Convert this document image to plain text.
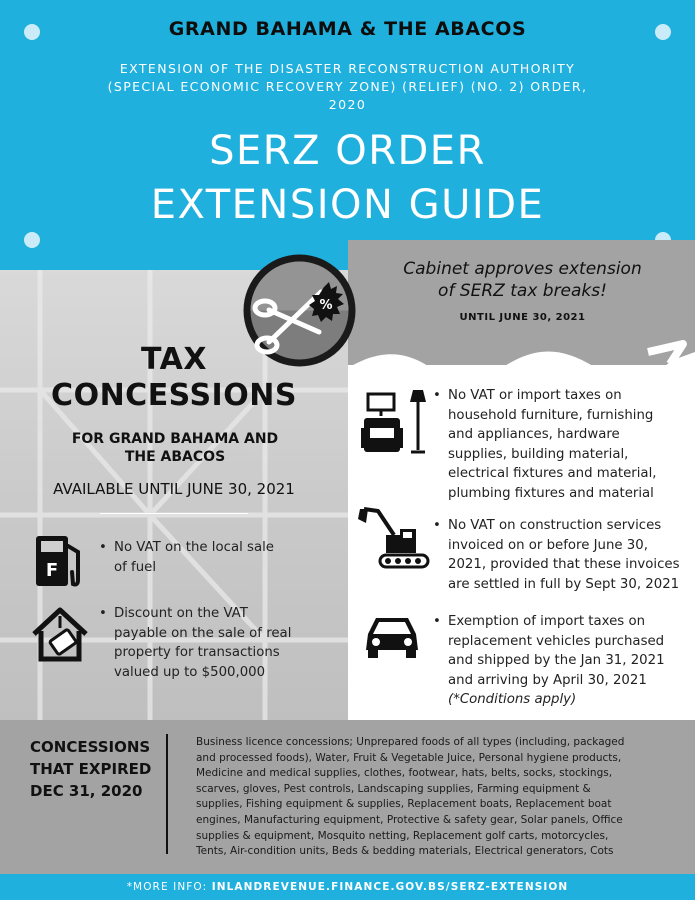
GRAND BAHAMA & THE ABACOS
EXTENSION OF THE DISASTER RECONSTRUCTION AUTHORITY (SPECIAL ECONOMIC RECOVERY ZONE) (RELIEF) (NO. 2) ORDER, 2020
SERZ ORDER
EXTENSION GUIDE
Cabinet approves extension
of SERZ tax breaks!
UNTIL JUNE 30, 2021
%
TAX
CONCESSIONS
FOR GRAND BAHAMA AND
THE ABACOS
AVAILABLE UNTIL JUNE 30, 2021
F
• No VAT on the local sale
of fuel
• Discount on the VAT
payable on the sale of real
property for transactions
valued up to $500,000
• No VAT or import taxes on
household furniture, furnishing
and appliances, hardware
supplies, building material,
electrical fixtures and material,
plumbing fixtures and material
• No VAT on construction services
invoiced on or before June 30,
2021, provided that these invoices
are settled in full by Sept 30, 2021
• Exemption of import taxes on
replacement vehicles purchased
and shipped by the Jan 31, 2021
and arriving by April 30, 2021
(*Conditions apply)
CONCESSIONS
THAT EXPIRED
DEC 31, 2020
Business licence concessions; Unprepared foods of all types (including, packaged
and processed foods), Water, Fruit & Vegetable Juice, Personal hygiene products,
Medicine and medical supplies, clothes, footwear, hats, belts, socks, stockings,
scarves, gloves, Pest controls, Landscaping supplies, Farming equipment &
supplies, Fishing equipment & supplies, Replacement boats, Replacement boat
engines, Manufacturing equipment, Protective & safety gear, Solar panels, Office
supplies & equipment, Mosquito netting, Replacement golf carts, motorcycles,
Tents, Air-condition units, Beds & bedding materials, Electrical generators, Cots
*MORE INFO: INLANDREVENUE.FINANCE.GOV.BS/SERZ-EXTENSION
